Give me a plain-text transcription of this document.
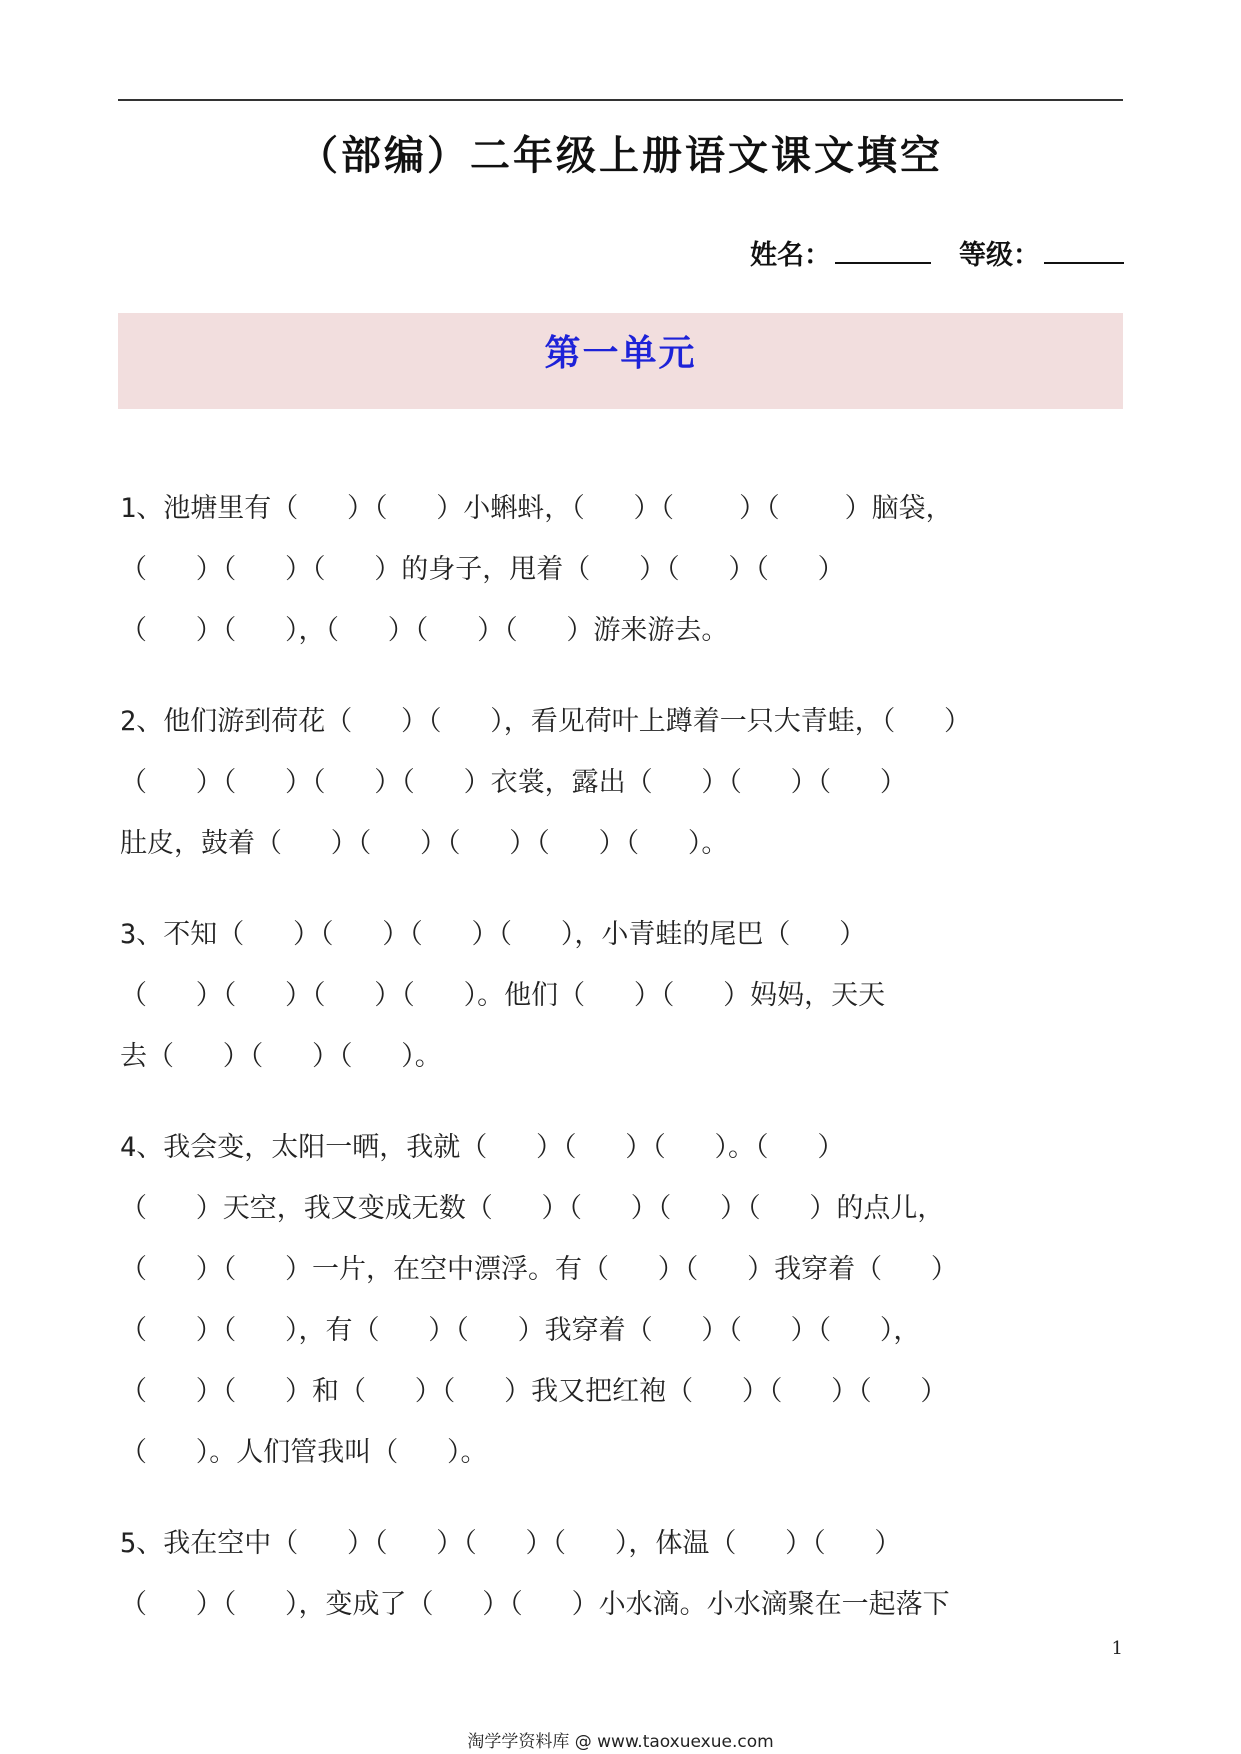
（部编）二年级上册语文课文填空
姓名：	等级：
第一单元
1、池塘里有（   ）（   ）小蝌蚪，（   ）（    ）（    ）脑袋，
（   ）（   ）（   ）的身子，甩着（   ）（   ）（   ）
（   ）（   ），（   ）（   ）（   ）游来游去。
2、他们游到荷花（   ）（   ），看见荷叶上蹲着一只大青蛙，（   ）
（   ）（   ）（   ）（   ）衣裳，露出（   ）（   ）（   ）
肚皮，鼓着（   ）（   ）（   ）（   ）（   ）。
3、不知（   ）（   ）（   ）（   ），小青蛙的尾巴（   ）
（   ）（   ）（   ）（   ）。他们（   ）（   ）妈妈，天天
去（   ）（   ）（   ）。
4、我会变，太阳一晒，我就（   ）（   ）（   ）。（   ）
（   ）天空，我又变成无数（   ）（   ）（   ）（   ）的点儿，
（   ）（   ）一片，在空中漂浮。有（   ）（   ）我穿着（   ）
（   ）（   ），有（   ）（   ）我穿着（   ）（   ）（   ），
（   ）（   ）和（   ）（   ）我又把红袍（   ）（   ）（   ）
（   ）。人们管我叫（   ）。
5、我在空中（   ）（   ）（   ）（   ），体温（   ）（   ）
（   ）（   ），变成了（   ）（   ）小水滴。小水滴聚在一起落下
1
淘学学资料库 @ www.taoxuexue.com
